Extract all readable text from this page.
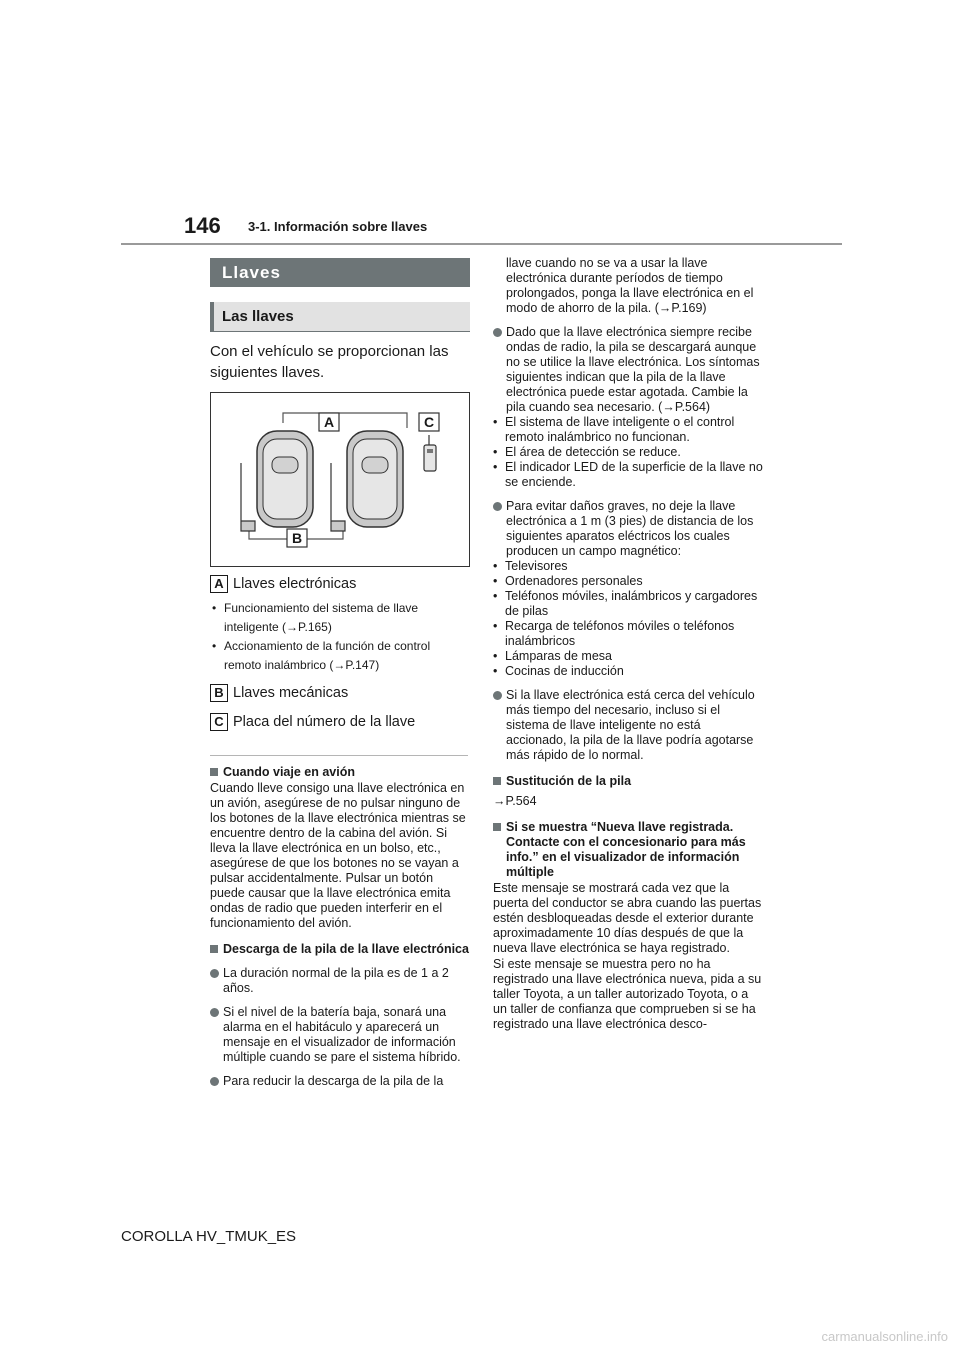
146 3-1. Información sobre llaves
Llaves
Las llaves
Con el vehículo se proporcionan las siguientes llaves.
A	C
B
A Llaves electrónicas
• Funcionamiento del sistema de llave inteligente (→P.165)
• Accionamiento de la función de control remoto inalámbrico (→P.147)
B Llaves mecánicas
C Placa del número de la llave
Cuando viaje en avión
Cuando lleve consigo una llave electrónica en un avión, asegúrese de no pulsar ninguno de los botones de la llave electrónica mientras se encuentre dentro de la cabina del avión. Si lleva la llave electrónica en un bolso, etc., asegúrese de que los botones no se vayan a pulsar accidentalmente. Pulsar un botón puede causar que la llave electrónica emita ondas de radio que pueden interferir en el funcionamiento del avión.
Descarga de la pila de la llave electrónica
La duración normal de la pila es de 1 a 2 años.
Si el nivel de la batería baja, sonará una alarma en el habitáculo y aparecerá un mensaje en el visualizador de información múltiple cuando se pare el sistema híbrido.
Para reducir la descarga de la pila de la
llave cuando no se va a usar la llave electrónica durante períodos de tiempo prolongados, ponga la llave electrónica en el modo de ahorro de la pila. (→P.169)
Dado que la llave electrónica siempre recibe ondas de radio, la pila se descargará aunque no se utilice la llave electrónica. Los síntomas siguientes indican que la pila de la llave electrónica puede estar agotada. Cambie la pila cuando sea necesario. (→P.564)
• El sistema de llave inteligente o el control remoto inalámbrico no funcionan.
• El área de detección se reduce.
• El indicador LED de la superficie de la llave no se enciende.
Para evitar daños graves, no deje la llave electrónica a 1 m (3 pies) de distancia de los siguientes aparatos eléctricos los cuales producen un campo magnético:
• Televisores
• Ordenadores personales
• Teléfonos móviles, inalámbricos y cargadores de pilas
• Recarga de teléfonos móviles o teléfonos inalámbricos
• Lámparas de mesa
• Cocinas de inducción
Si la llave electrónica está cerca del vehículo más tiempo del necesario, incluso si el sistema de llave inteligente no está accionado, la pila de la llave podría agotarse más rápido de lo normal.
Sustitución de la pila
→P.564
Si se muestra “Nueva llave registrada. Contacte con el concesionario para más info.” en el visualizador de información múltiple
Este mensaje se mostrará cada vez que la puerta del conductor se abra cuando las puertas estén desbloqueadas desde el exterior durante aproximadamente 10 días después de que la nueva llave electrónica se haya registrado.
Si este mensaje se muestra pero no ha registrado una llave electrónica nueva, pida a su taller Toyota, a un taller autorizado Toyota, o a un taller de confianza que comprueben si se ha registrado una llave electrónica desco-
COROLLA HV_TMUK_ES
carmanualsonline.info
